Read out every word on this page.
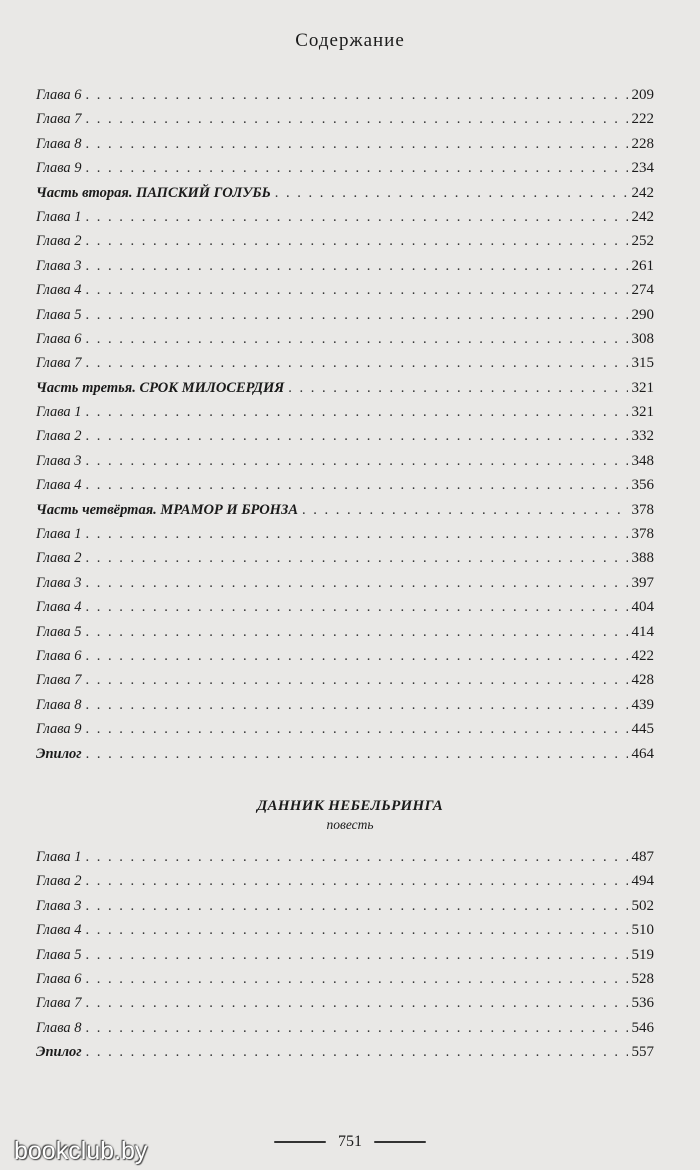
Содержание
Глава 6 . . .	209
Глава 7 . . .	222
Глава 8 . . .	228
Глава 9 . . .	234
Часть вторая. ПАПСКИЙ ГОЛУБЬ . . .	242
Глава 1 . . .	242
Глава 2 . . .	252
Глава 3 . . .	261
Глава 4 . . .	274
Глава 5 . . .	290
Глава 6 . . .	308
Глава 7 . . .	315
Часть третья. СРОК МИЛОСЕРДИЯ . . .	321
Глава 1 . . .	321
Глава 2 . . .	332
Глава 3 . . .	348
Глава 4 . . .	356
Часть четвёртая. МРАМОР И БРОНЗА . . .	378
Глава 1 . . .	378
Глава 2 . . .	388
Глава 3 . . .	397
Глава 4 . . .	404
Глава 5 . . .	414
Глава 6 . . .	422
Глава 7 . . .	428
Глава 8 . . .	439
Глава 9 . . .	445
Эпилог . . .	464
ДАННИК НЕБЕЛЬРИНГА
повесть
Глава 1 . . .	487
Глава 2 . . .	494
Глава 3 . . .	502
Глава 4 . . .	510
Глава 5 . . .	519
Глава 6 . . .	528
Глава 7 . . .	536
Глава 8 . . .	546
Эпилог . . .	557
751
bookclub.by
